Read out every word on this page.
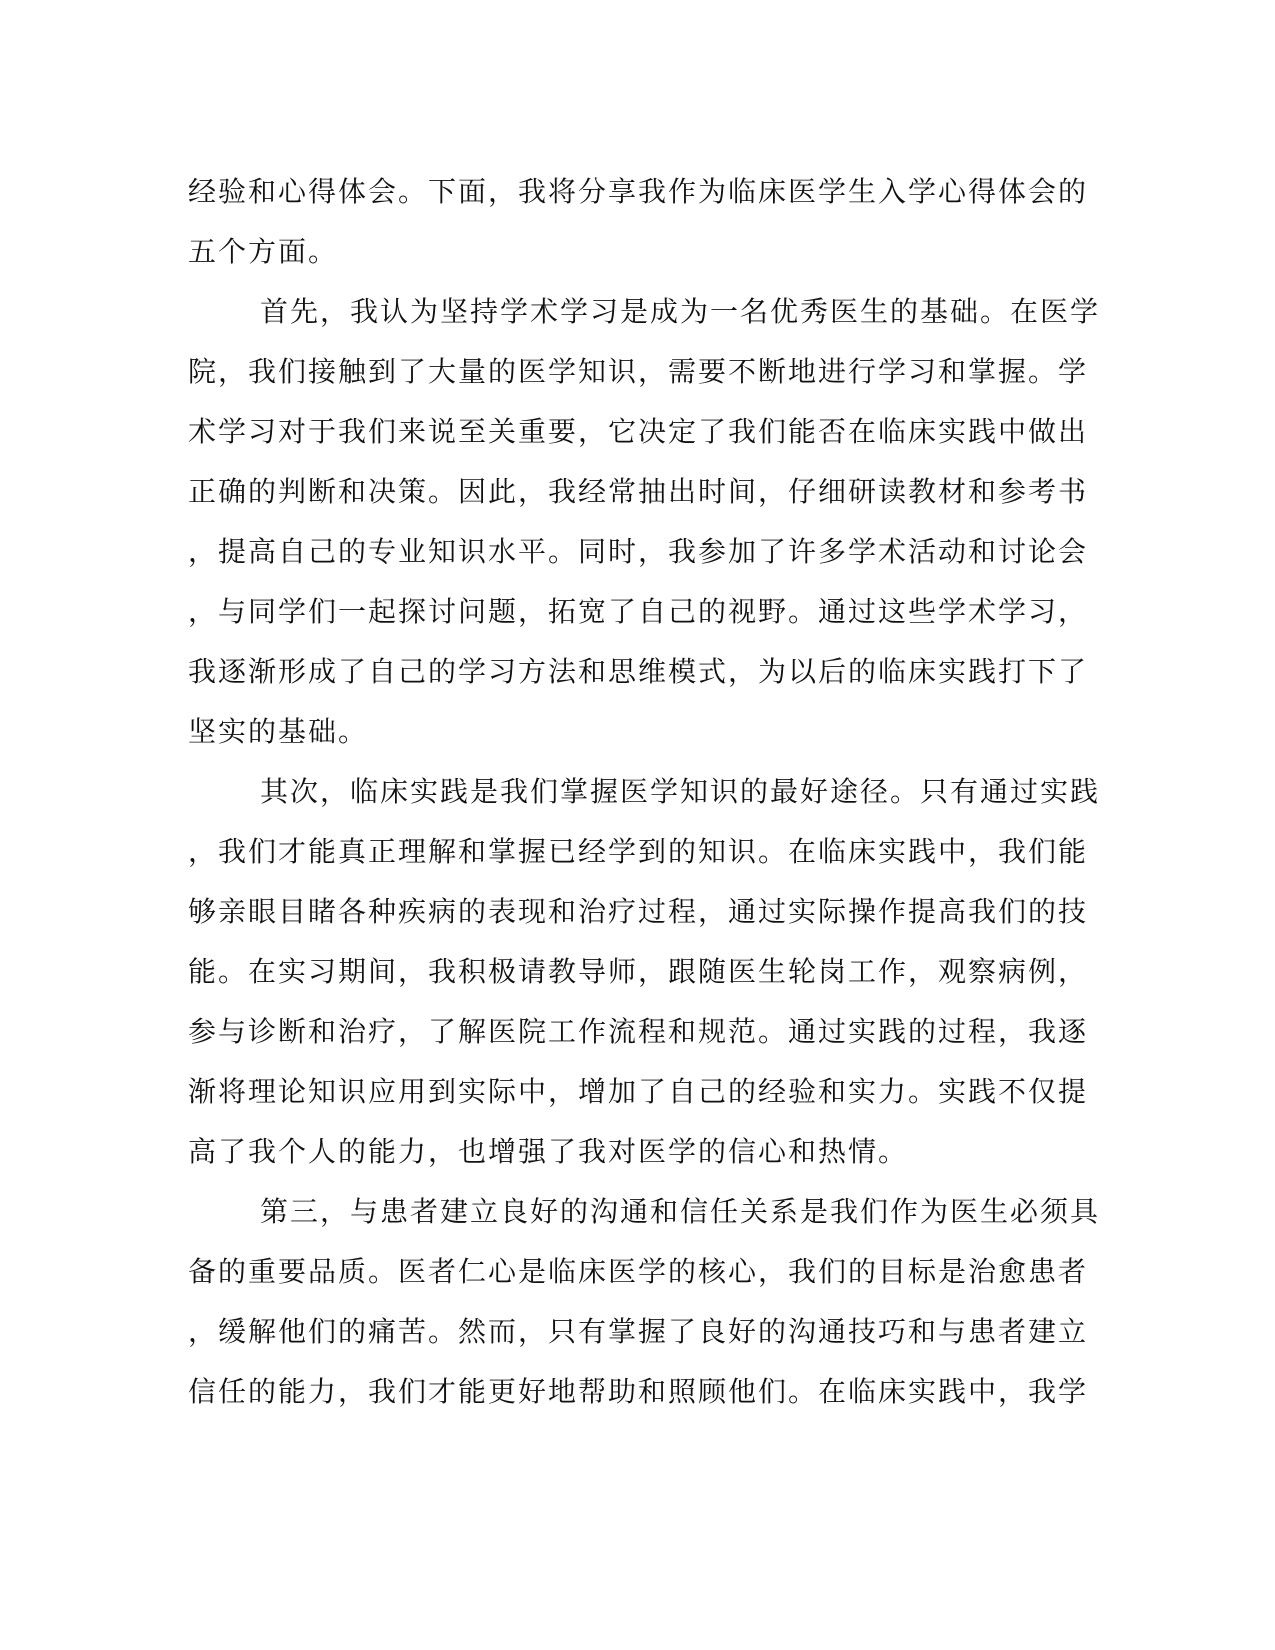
经验和心得体会。下面，我将分享我作为临床医学生入学心得体会的
五个方面。
首先，我认为坚持学术学习是成为一名优秀医生的基础。在医学
院，我们接触到了大量的医学知识，需要不断地进行学习和掌握。学
术学习对于我们来说至关重要，它决定了我们能否在临床实践中做出
正确的判断和决策。因此，我经常抽出时间，仔细研读教材和参考书
，提高自己的专业知识水平。同时，我参加了许多学术活动和讨论会
，与同学们一起探讨问题，拓宽了自己的视野。通过这些学术学习，
我逐渐形成了自己的学习方法和思维模式，为以后的临床实践打下了
坚实的基础。
其次，临床实践是我们掌握医学知识的最好途径。只有通过实践
，我们才能真正理解和掌握已经学到的知识。在临床实践中，我们能
够亲眼目睹各种疾病的表现和治疗过程，通过实际操作提高我们的技
能。在实习期间，我积极请教导师，跟随医生轮岗工作，观察病例，
参与诊断和治疗，了解医院工作流程和规范。通过实践的过程，我逐
渐将理论知识应用到实际中，增加了自己的经验和实力。实践不仅提
高了我个人的能力，也增强了我对医学的信心和热情。
第三，与患者建立良好的沟通和信任关系是我们作为医生必须具
备的重要品质。医者仁心是临床医学的核心，我们的目标是治愈患者
，缓解他们的痛苦。然而，只有掌握了良好的沟通技巧和与患者建立
信任的能力，我们才能更好地帮助和照顾他们。在临床实践中，我学
